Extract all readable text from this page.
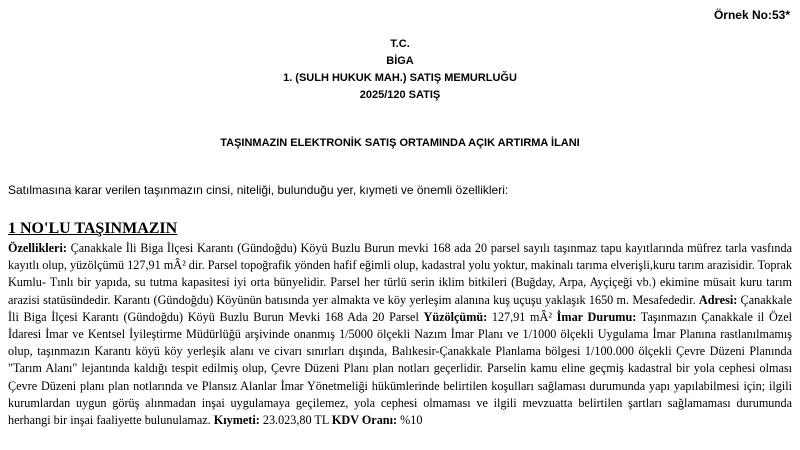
Örnek No:53*
T.C.
BİGA
1. (SULH HUKUK MAH.) SATIŞ MEMURLUĞU
2025/120 SATIŞ
TAŞINMAZIN ELEKTRONİK SATIŞ ORTAMINDA AÇIK ARTIRMA İLANI
Satılmasına karar verilen taşınmazın cinsi, niteliği, bulunduğu yer, kıymeti ve önemli özellikleri:
1 NO'LU TAŞINMAZIN

Özellikleri: Çanakkale İli Biga İlçesi Karantı (Gündoğdu) Köyü Buzlu Burun mevki 168 ada 20 parsel sayılı taşınmaz tapu kayıtlarında müfrez tarla vasfında kayıtlı olup, yüzölçümü 127,91 mÂ² dir. Parsel topoğrafik yönden hafif eğimli olup, kadastral yolu yoktur, makinalı tarıma elverişli,kuru tarım arazisidir. Toprak Kumlu- Tınlı bir yapıda, su tutma kapasitesi iyi orta bünyelidir. Parsel her türlü serin iklim bitkileri (Buğday, Arpa, Ayçiçeği vb.) ekimine müsait kuru tarım arazisi statüsündedir. Karantı (Gündoğdu) Köyünün batısında yer almakta ve köy yerleşim alanına kuş uçuşu yaklaşık 1650 m. Mesafededir. Adresi: Çanakkale İli Biga İlçesi Karantı (Gündoğdu) Köyü Buzlu Burun Mevki 168 Ada 20 Parsel Yüzölçümü: 127,91 mÂ² İmar Durumu: Taşınmazın Çanakkale il Özel İdaresi İmar ve Kentsel İyileştirme Müdürlüğü arşivinde onanmış 1/5000 ölçekli Nazım İmar Planı ve 1/1000 ölçekli Uygulama İmar Planına rastlanılmamış olup, taşınmazın Karantı köyü köy yerleşik alanı ve civarı sınırları dışında, Balıkesir-Çanakkale Planlama bölgesi 1/100.000 ölçekli Çevre Düzeni Planında "Tarım Alanı" lejantında kaldığı tespit edilmiş olup, Çevre Düzeni Planı plan notları geçerlidir. Parselin kamu eline geçmiş kadastral bir yola cephesi olması Çevre Düzeni planı plan notlarında ve Plansız Alanlar İmar Yönetmeliği hükümlerinde belirtilen koşulları sağlaması durumunda yapı yapılabilmesi için; ilgili kurumlardan uygun görüş alınmadan inşai uygulamaya geçilemez, yola cephesi olmaması ve ilgili mevzuatta belirtilen şartları sağlamaması durumunda herhangi bir inşai faaliyette bulunulamaz. Kıymeti: 23.023,80 TL KDV Oranı: %10
